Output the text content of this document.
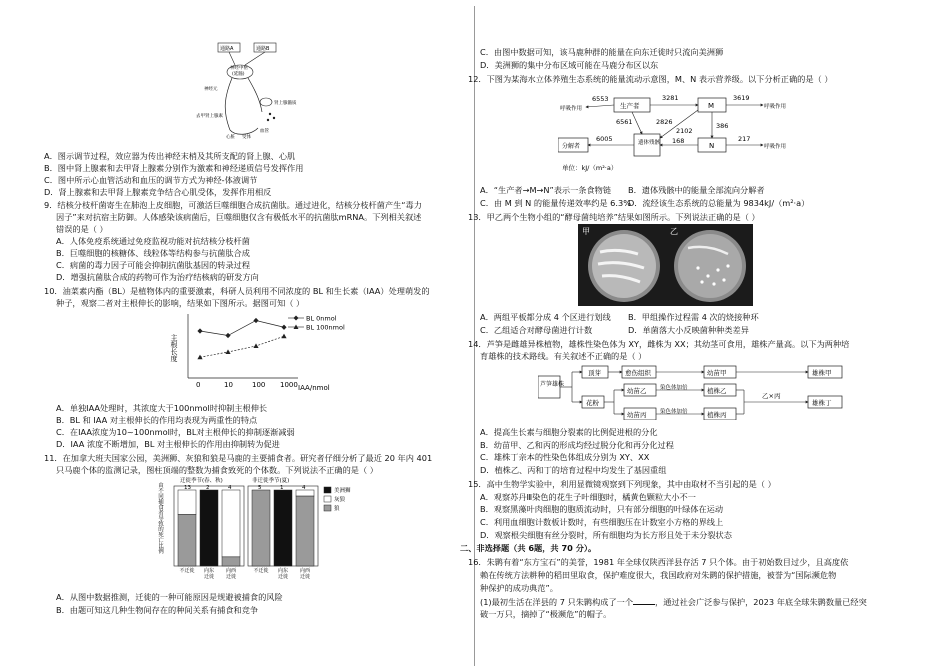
通路A	通路B
神经中枢
(延髓)
神经元
肾上腺髓质
去甲肾上腺素
血管
心脏 受体
A．图示调节过程，效应器为传出神经末梢及其所支配的肾上腺、心肌
B．图中肾上腺素和去甲肾上腺素分别作为激素和神经递质信号发挥作用
C．图中所示心血管活动和血压的调节方式为神经-体液调节
D．肾上腺素和去甲肾上腺素竞争结合心肌受体，发挥作用相反
9．结核分枝杆菌寄生在肺泡上皮细胞，可激活巨噬细胞合成抗菌肽。通过进化，结核分枝杆菌产生“毒力
因子”来对抗宿主防御。人体感染该病菌后，巨噬细胞仅含有极低水平的抗菌肽mRNA。下列相关叙述
错误的是（ ）
A．人体免疫系统通过免疫监视功能对抗结核分枝杆菌
B．巨噬细胞的核糖体、线粒体等结构参与抗菌肽合成
C．病菌的毒力因子可能会抑制抗菌肽基因的转录过程
D．增强抗菌肽合成的药物可作为治疗结核病的研发方向
10．油菜素内酯（BL）是植物体内的重要激素，科研人员利用不同浓度的 BL 和生长素（IAA）处理萌发的
种子，观察二者对主根伸长的影响，结果如下图所示。据图可知（ ）
主根长度
0	10	100 1000 IAA/nmol
BL 0nmol
BL 100nmol
A．单独IAA处理时，其浓度大于100nmol时抑制主根伸长
B．BL 和 IAA 对主根伸长的作用均表现为两重性的特点
C．在IAA浓度为10~100nmol时，BL对主根伸长的抑制逐渐减弱
D．IAA 浓度不断增加，BL 对主根伸长的作用由抑制转为促进
11．在加拿大班夫国家公园，美洲狮、灰狼和狼是马鹿的主要捕食者。研究者仔细分析了最近 20 年内 401
只马鹿个体的监测记录，图柱顶端的整数为捕食致死的个体数。下列说法不正确的是（ ）
由不同捕食者导致的死亡比例
迁徙季节(春、秋)	非迁徙季节(夏)
13
不迁徙
2
向东迁徙
4
向西迁徙
5
不迁徙
1
向东迁徙
4
向西迁徙
美洲狮
灰狼
狼
A．从图中数据推测，迁徙的一种可能原因是规避被捕食的风险
B．由题可知这几种生物间存在的种间关系有捕食和竞争
C．由图中数据可知，该马鹿种群的能量在向东迁徙时只流向美洲狮
D．美洲狮的集中分布区域可能在马鹿分布区以东
12．下图为某海水立体养殖生态系统的能量流动示意图，M、N 表示营养级。以下分析正确的是（ ）
生产者	M
N
遗体残骸
分解者
呼吸作用
6553	3281	3619
呼吸作用
386
6561	2826
2102
168
6005	217
呼吸作用
单位：kJ/（m²·a）
A．“生产者→M→N”表示一条食物链 B．遗体残骸中的能量全部流向分解者
C．由 M 到 N 的能量传递效率约是 6.3%
D．流经该生态系统的总能量为 9834kJ/（m²·a）
13．甲乙两个生物小组的“酵母菌纯培养”结果如图所示。下列说法正确的是（ ）
甲	乙
A．两组平板都分成 4 个区进行划线 B．甲组操作过程需 4 次的烧接种环
C．乙组适合对酵母菌进行计数	D．单菌落大小反映菌种种类差异
14．芦笋是雌雄异株植物，雄株性染色体为 XY，雌株为 XX；其幼茎可食用，雄株产量高。以下为两种培
育雄株的技术路线。有关叙述不正确的是（ ）
芦笋雄株
顶芽	愈伤组织	幼苗甲	雄株甲
花粉
幼苗乙
幼苗丙
染色体加倍
染色体加倍
植株乙
植株丙
乙×丙
雄株丁
A．提高生长素与细胞分裂素的比例促进根的分化
B．幼苗甲、乙和丙的形成均经过脱分化和再分化过程
C．雄株丁亲本的性染色体组成分别为 XY、XX
D．植株乙、丙和丁的培育过程中均发生了基因重组
15．高中生物学实验中，利用显微镜观察到下列现象，其中由取材不当引起的是（ ）
A．观察苏丹Ⅲ染色的花生子叶细胞时，橘黄色颗粒大小不一
B．观察黑藻叶肉细胞的胞质流动时，只有部分细胞的叶绿体在运动
C．利用血细胞计数板计数时，有些细胞压在计数室小方格的界线上
D．观察根尖细胞有丝分裂时，所有细胞均为长方形且处于未分裂状态
二、非选择题（共 6题，共 70 分）。
16．朱鹮有着“东方宝石”的美誉，1981 年全球仅陕西洋县存活 7 只个体。由于初始数目过少，且高度依
赖在传统方法耕种的稻田里取食，保护难度很大，我国政府对朱鹮的保护措施，被誉为“国际濒危物
种保护的成功典范”。
(1)最初生活在洋县的 7 只朱鹮构成了一个	，通过社会广泛参与保护，2023 年底全球朱鹮数量已经突
破一万只，摘掉了“极濒危”的帽子。
